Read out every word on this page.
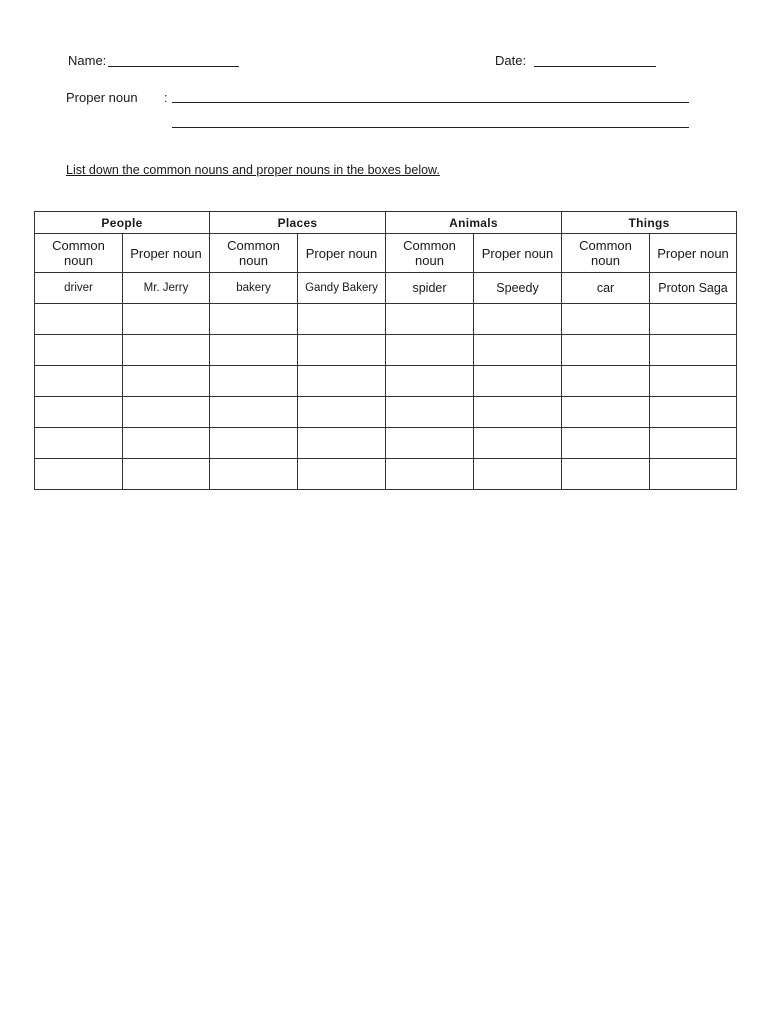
Name:	Date:
Proper noun :
List down the common nouns and proper nouns in the boxes below.
People		Places		Animals		Things	
Common noun	Proper noun	Common noun	Proper noun	Common noun	Proper noun	Common noun	Proper noun
driver	Mr. Jerry	bakery	Gandy Bakery	spider	Speedy	car	Proton Saga
